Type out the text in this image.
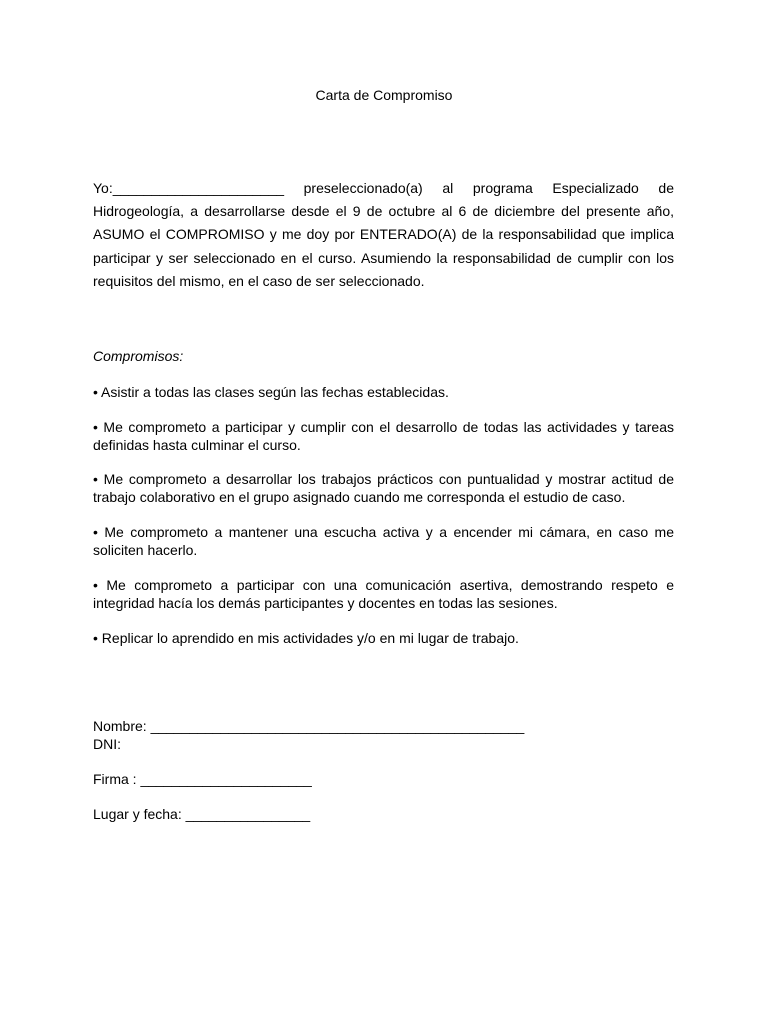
Carta de Compromiso

Yo:______________________ preseleccionado(a) al programa Especializado de Hidrogeología, a desarrollarse desde el 9 de octubre al 6 de diciembre del presente año, ASUMO el COMPROMISO y me doy por ENTERADO(A) de la responsabilidad que implica participar y ser seleccionado en el curso. Asumiendo la responsabilidad de cumplir con los requisitos del mismo, en el caso de ser seleccionado.

Compromisos:

• Asistir a todas las clases según las fechas establecidas.

• Me comprometo a participar y cumplir con el desarrollo de todas las actividades y tareas definidas hasta culminar el curso.

• Me comprometo a desarrollar los trabajos prácticos con puntualidad y mostrar actitud de trabajo colaborativo en el grupo asignado cuando me corresponda el estudio de caso.

• Me comprometo a mantener una escucha activa y a encender mi cámara, en caso me soliciten hacerlo.

• Me comprometo a participar con una comunicación asertiva, demostrando respeto e integridad hacía los demás participantes y docentes en todas las sesiones.

• Replicar lo aprendido en mis actividades y/o en mi lugar de trabajo.

Nombre: ________________________________________________
DNI:
Firma : ______________________
Lugar y fecha: ________________
